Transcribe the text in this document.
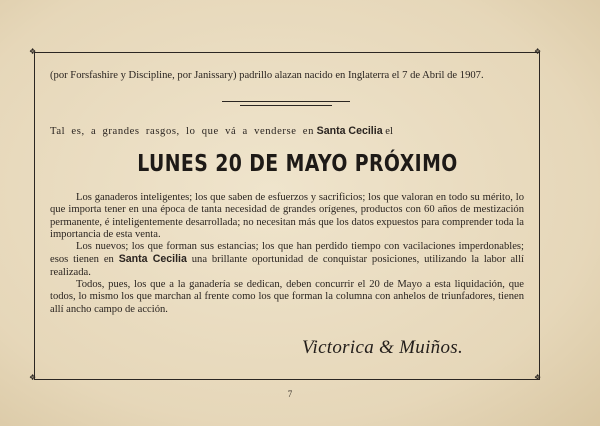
❖	❖
❖	❖
(por Forsfashire y Discipline, por Janissary) padrillo alazan nacido en Inglaterra el 7 de Abril de 1907.
Tal es, a grandes rasgos, lo que vá a venderse en Santa Cecilia el
LUNES 20 DE MAYO PRÓXIMO

Los ganaderos inteligentes; los que saben de esfuerzos y sacrificios; los que valoran en todo su mérito, lo que importa tener en una época de tanta necesidad de grandes orígenes, productos con 60 años de mestización permanente, é inteligentemente desarrollada; no necesitan más que los datos expuestos para comprender toda la importancia de esta venta.

Los nuevos; los que forman sus estancias; los que han perdido tiempo con vacilaciones imperdonables; esos tienen en Santa Cecilia una brillante oportunidad de conquistar posiciones, utilizando la labor allí realizada.

Todos, pues, los que a la ganadería se dedican, deben concurrir el 20 de Mayo a esta liquidación, que todos, lo mismo los que marchan al frente como los que forman la columna con anhelos de triunfadores, tienen allí ancho campo de acción.

Victorica & Muiños.
7
